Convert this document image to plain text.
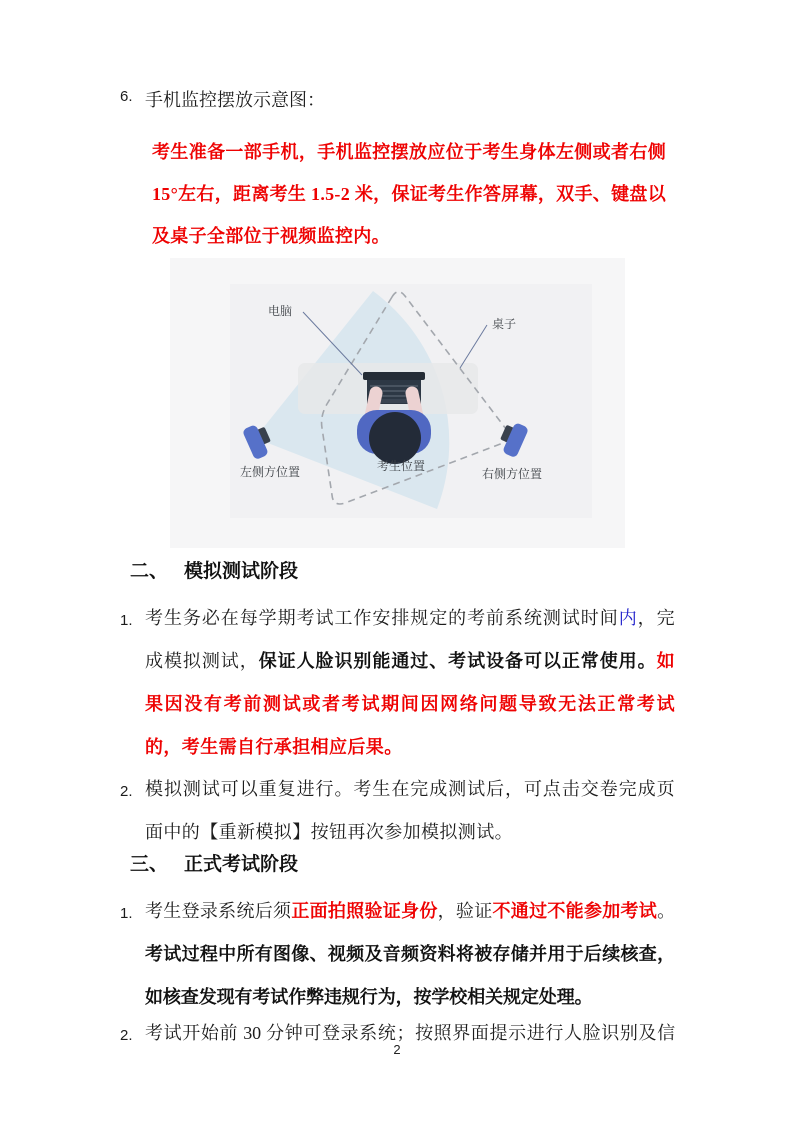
6. 手机监控摆放示意图：

考生准备一部手机，手机监控摆放应位于考生身体左侧或者右侧 15°左右，距离考生 1.5-2 米，保证考生作答屏幕，双手、键盘以及桌子全部位于视频监控内。

电脑
桌子
左侧方位置	考生位置
右侧方位置
二、 模拟测试阶段
1. 考生务必在每学期考试工作安排规定的考前系统测试时间内，完成模拟测试，保证人脸识别能通过、考试设备可以正常使用。如果因没有考前测试或者考试期间因网络问题导致无法正常考试的，考生需自行承担相应后果。

2. 模拟测试可以重复进行。考生在完成测试后，可点击交卷完成页面中的【重新模拟】按钮再次参加模拟测试。

三、 正式考试阶段
1. 考生登录系统后须正面拍照验证身份，验证不通过不能参加考试。考试过程中所有图像、视频及音频资料将被存储并用于后续核查，如核查发现有考试作弊违规行为，按学校相关规定处理。

2. 考试开始前 30 分钟可登录系统；按照界面提示进行人脸识别及信

2
